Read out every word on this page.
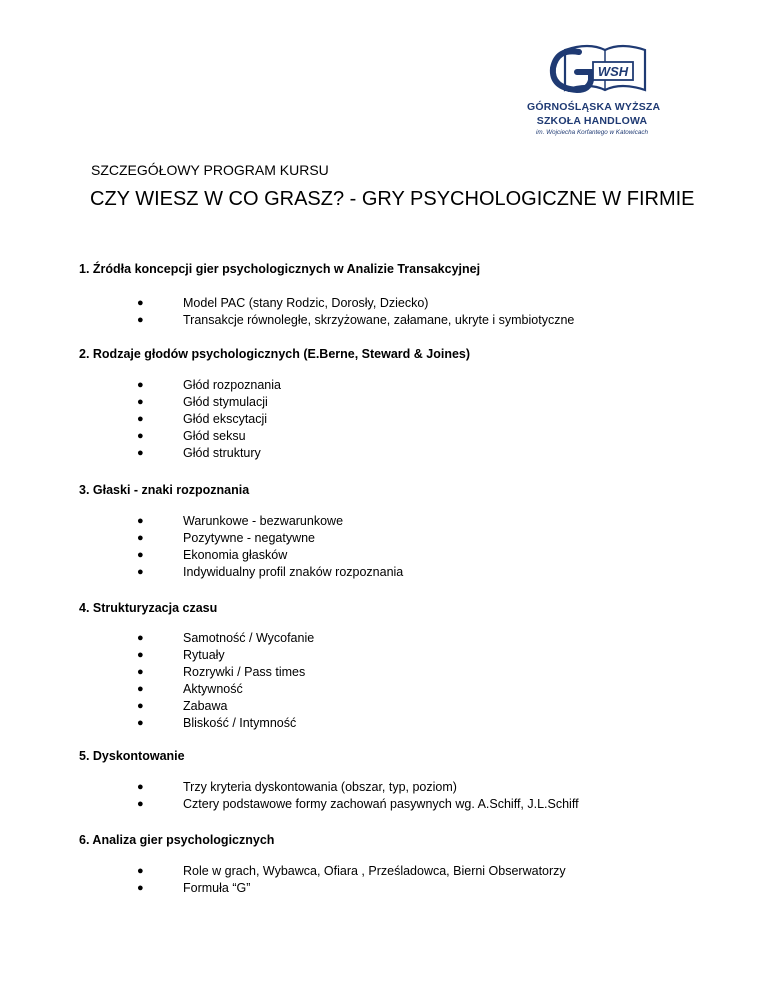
WSH
1994
GÓRNOŚLĄSKA WYŻSZA
SZKOŁA HANDLOWA
im. Wojciecha Korfantego w Katowicach
SZCZEGÓŁOWY PROGRAM KURSU
CZY WIESZ W CO GRASZ? - GRY PSYCHOLOGICZNE W FIRMIE

1. Źródła koncepcji gier psychologicznych w Analizie Transakcyjnej

●	Model PAC (stany Rodzic, Dorosły, Dziecko)
●	Transakcje równoległe, skrzyżowane, załamane, ukryte i symbiotyczne

2. Rodzaje głodów psychologicznych (E.Berne, Steward & Joines)

●	Głód rozpoznania
●	Głód stymulacji
●	Głód ekscytacji
●	Głód seksu
●	Głód struktury

3. Głaski - znaki rozpoznania

●	Warunkowe - bezwarunkowe
●	Pozytywne - negatywne
●	Ekonomia głasków
●	Indywidualny profil znaków rozpoznania

4. Strukturyzacja czasu

●	Samotność / Wycofanie
●	Rytuały
●	Rozrywki / Pass times
●	Aktywność
●	Zabawa
●	Bliskość / Intymność

5. Dyskontowanie

●	Trzy kryteria dyskontowania (obszar, typ, poziom)
●	Cztery podstawowe formy zachowań pasywnych wg. A.Schiff, J.L.Schiff

6. Analiza gier psychologicznych

●	Role w grach, Wybawca, Ofiara , Prześladowca, Bierni Obserwatorzy
●	Formuła “G”
